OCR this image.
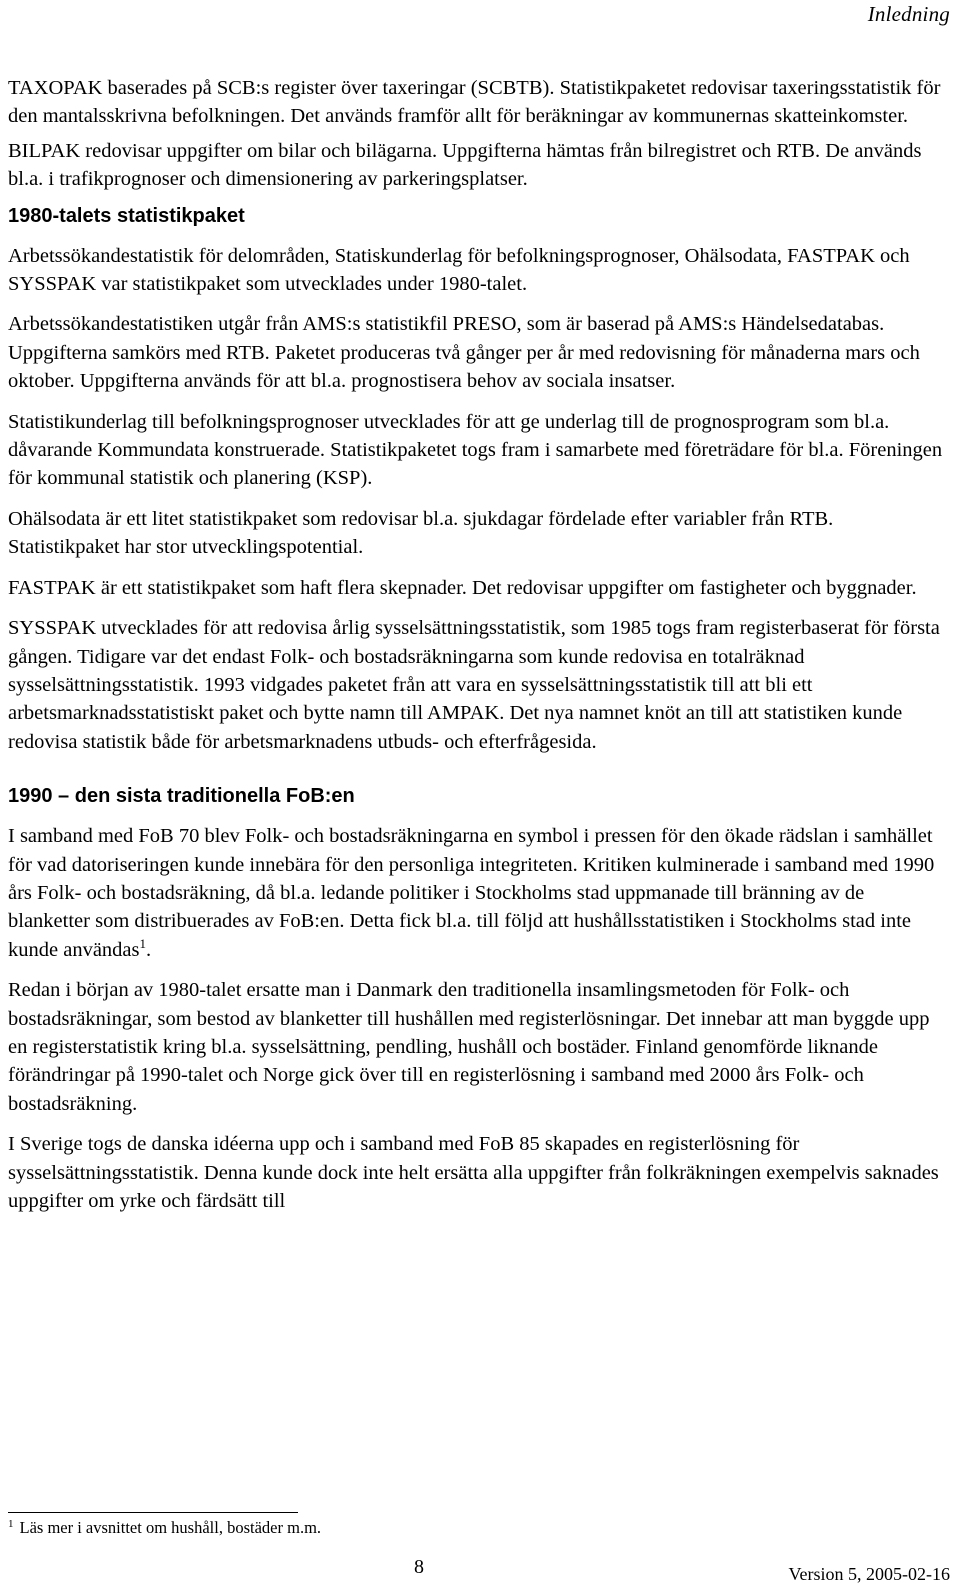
Inledning

TAXOPAK baserades på SCB:s register över taxeringar (SCBTB). Statistikpaketet redovisar taxeringsstatistik för den mantalsskrivna befolkningen. Det används framför allt för beräkningar av kommunernas skatteinkomster.

BILPAK redovisar uppgifter om bilar och bilägarna. Uppgifterna hämtas från bilregistret och RTB. De används bl.a. i trafikprognoser och dimensionering av parkeringsplatser.

1980-talets statistikpaket

Arbetssökandestatistik för delområden, Statiskunderlag för befolkningsprognoser, Ohälsodata, FASTPAK och SYSSPAK var statistikpaket som utvecklades under 1980-talet.

Arbetssökandestatistiken utgår från AMS:s statistikfil PRESO, som är baserad på AMS:s Händelsedatabas. Uppgifterna samkörs med RTB. Paketet produceras två gånger per år med redovisning för månaderna mars och oktober. Uppgifterna används för att bl.a. prognostisera behov av sociala insatser.

Statistikunderlag till befolkningsprognoser utvecklades för att ge underlag till de prognosprogram som bl.a. dåvarande Kommundata konstruerade. Statistikpaketet togs fram i samarbete med företrädare för bl.a. Föreningen för kommunal statistik och planering (KSP).

Ohälsodata är ett litet statistikpaket som redovisar bl.a. sjukdagar fördelade efter variabler från RTB. Statistikpaket har stor utvecklingspotential.

FASTPAK är ett statistikpaket som haft flera skepnader. Det redovisar uppgifter om fastigheter och byggnader.

SYSSPAK utvecklades för att redovisa årlig sysselsättningsstatistik, som 1985 togs fram registerbaserat för första gången. Tidigare var det endast Folk- och bostadsräkningarna som kunde redovisa en totalräknad sysselsättningsstatistik. 1993 vidgades paketet från att vara en sysselsättningsstatistik till att bli ett arbetsmarknadsstatistiskt paket och bytte namn till AMPAK. Det nya namnet knöt an till att statistiken kunde redovisa statistik både för arbetsmarknadens utbuds- och efterfrågesida.

1990 – den sista traditionella FoB:en

I samband med FoB 70 blev Folk- och bostadsräkningarna en symbol i pressen för den ökade rädslan i samhället för vad datoriseringen kunde innebära för den personliga integriteten. Kritiken kulminerade i samband med 1990 års Folk- och bostadsräkning, då bl.a. ledande politiker i Stockholms stad uppmanade till bränning av de blanketter som distribuerades av FoB:en. Detta fick bl.a. till följd att hushållsstatistiken i Stockholms stad inte kunde användas$^1$.

Redan i början av 1980-talet ersatte man i Danmark den traditionella insamlingsmetoden för Folk- och bostadsräkningar, som bestod av blanketter till hushållen med registerlösningar. Det innebar att man byggde upp en registerstatistik kring bl.a. sysselsättning, pendling, hushåll och bostäder. Finland genomförde liknande förändringar på 1990-talet och Norge gick över till en registerlösning i samband med 2000 års Folk- och bostadsräkning.

I Sverige togs de danska idéerna upp och i samband med FoB 85 skapades en registerlösning för sysselsättningsstatistik. Denna kunde dock inte helt ersätta alla uppgifter från folkräkningen exempelvis saknades uppgifter om yrke och färdsätt till

$^1$ Läs mer i avsnittet om hushåll, bostäder m.m.
8	Version 5, 2005-02-16
